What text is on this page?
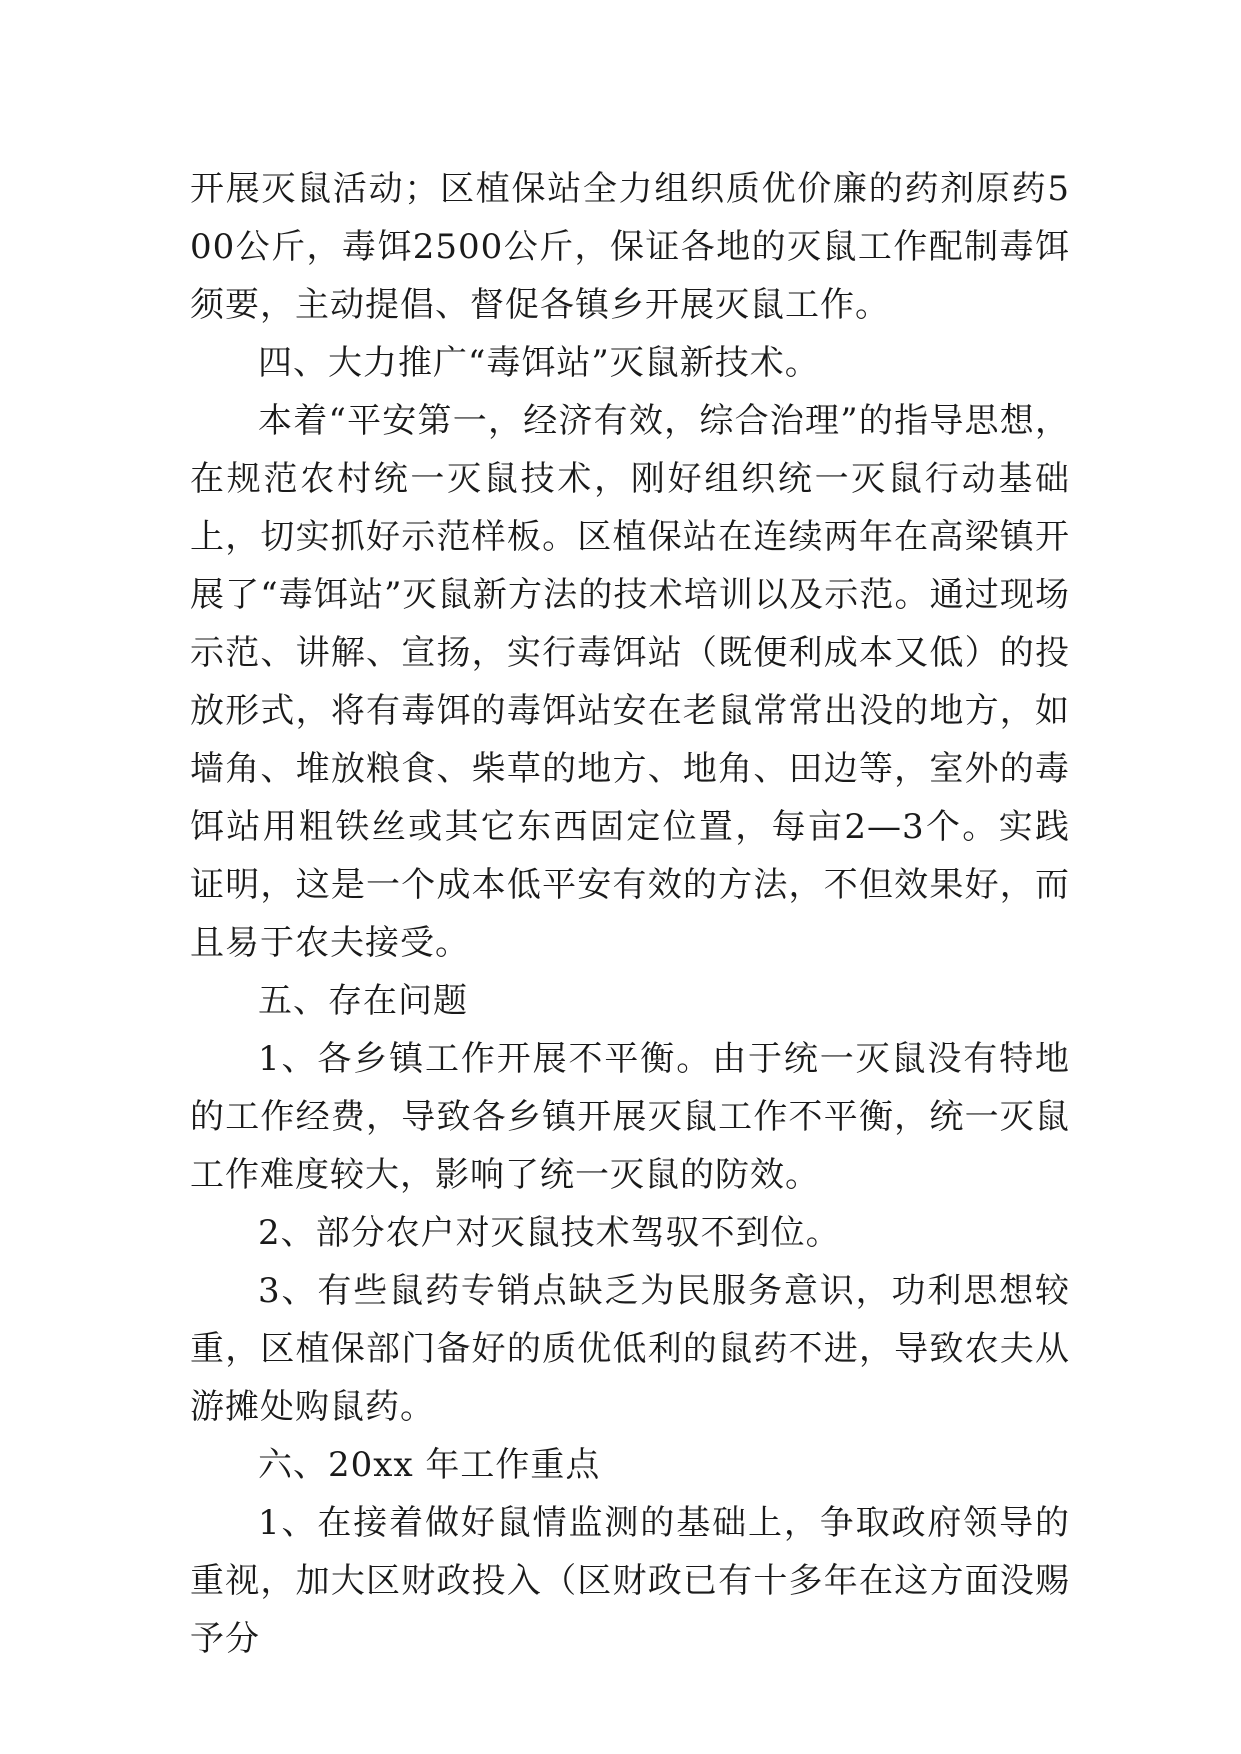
开展灭鼠活动；区植保站全力组织质优价廉的药剂原药500公斤，毒饵2500公斤，保证各地的灭鼠工作配制毒饵须要，主动提倡、督促各镇乡开展灭鼠工作。

四、大力推广“毒饵站”灭鼠新技术。

本着“平安第一，经济有效，综合治理”的指导思想，在规范农村统一灭鼠技术，刚好组织统一灭鼠行动基础上，切实抓好示范样板。区植保站在连续两年在高梁镇开展了“毒饵站”灭鼠新方法的技术培训以及示范。通过现场示范、讲解、宣扬，实行毒饵站（既便利成本又低）的投放形式，将有毒饵的毒饵站安在老鼠常常出没的地方，如墙角、堆放粮食、柴草的地方、地角、田边等，室外的毒饵站用粗铁丝或其它东西固定位置，每亩2—3个。实践证明，这是一个成本低平安有效的方法，不但效果好，而且易于农夫接受。

五、存在问题

1、各乡镇工作开展不平衡。由于统一灭鼠没有特地的工作经费，导致各乡镇开展灭鼠工作不平衡，统一灭鼠工作难度较大，影响了统一灭鼠的防效。

2、部分农户对灭鼠技术驾驭不到位。

3、有些鼠药专销点缺乏为民服务意识，功利思想较重，区植保部门备好的质优低利的鼠药不进，导致农夫从游摊处购鼠药。

六、20xx 年工作重点

1、在接着做好鼠情监测的基础上，争取政府领导的重视，加大区财政投入（区财政已有十多年在这方面没赐予分
